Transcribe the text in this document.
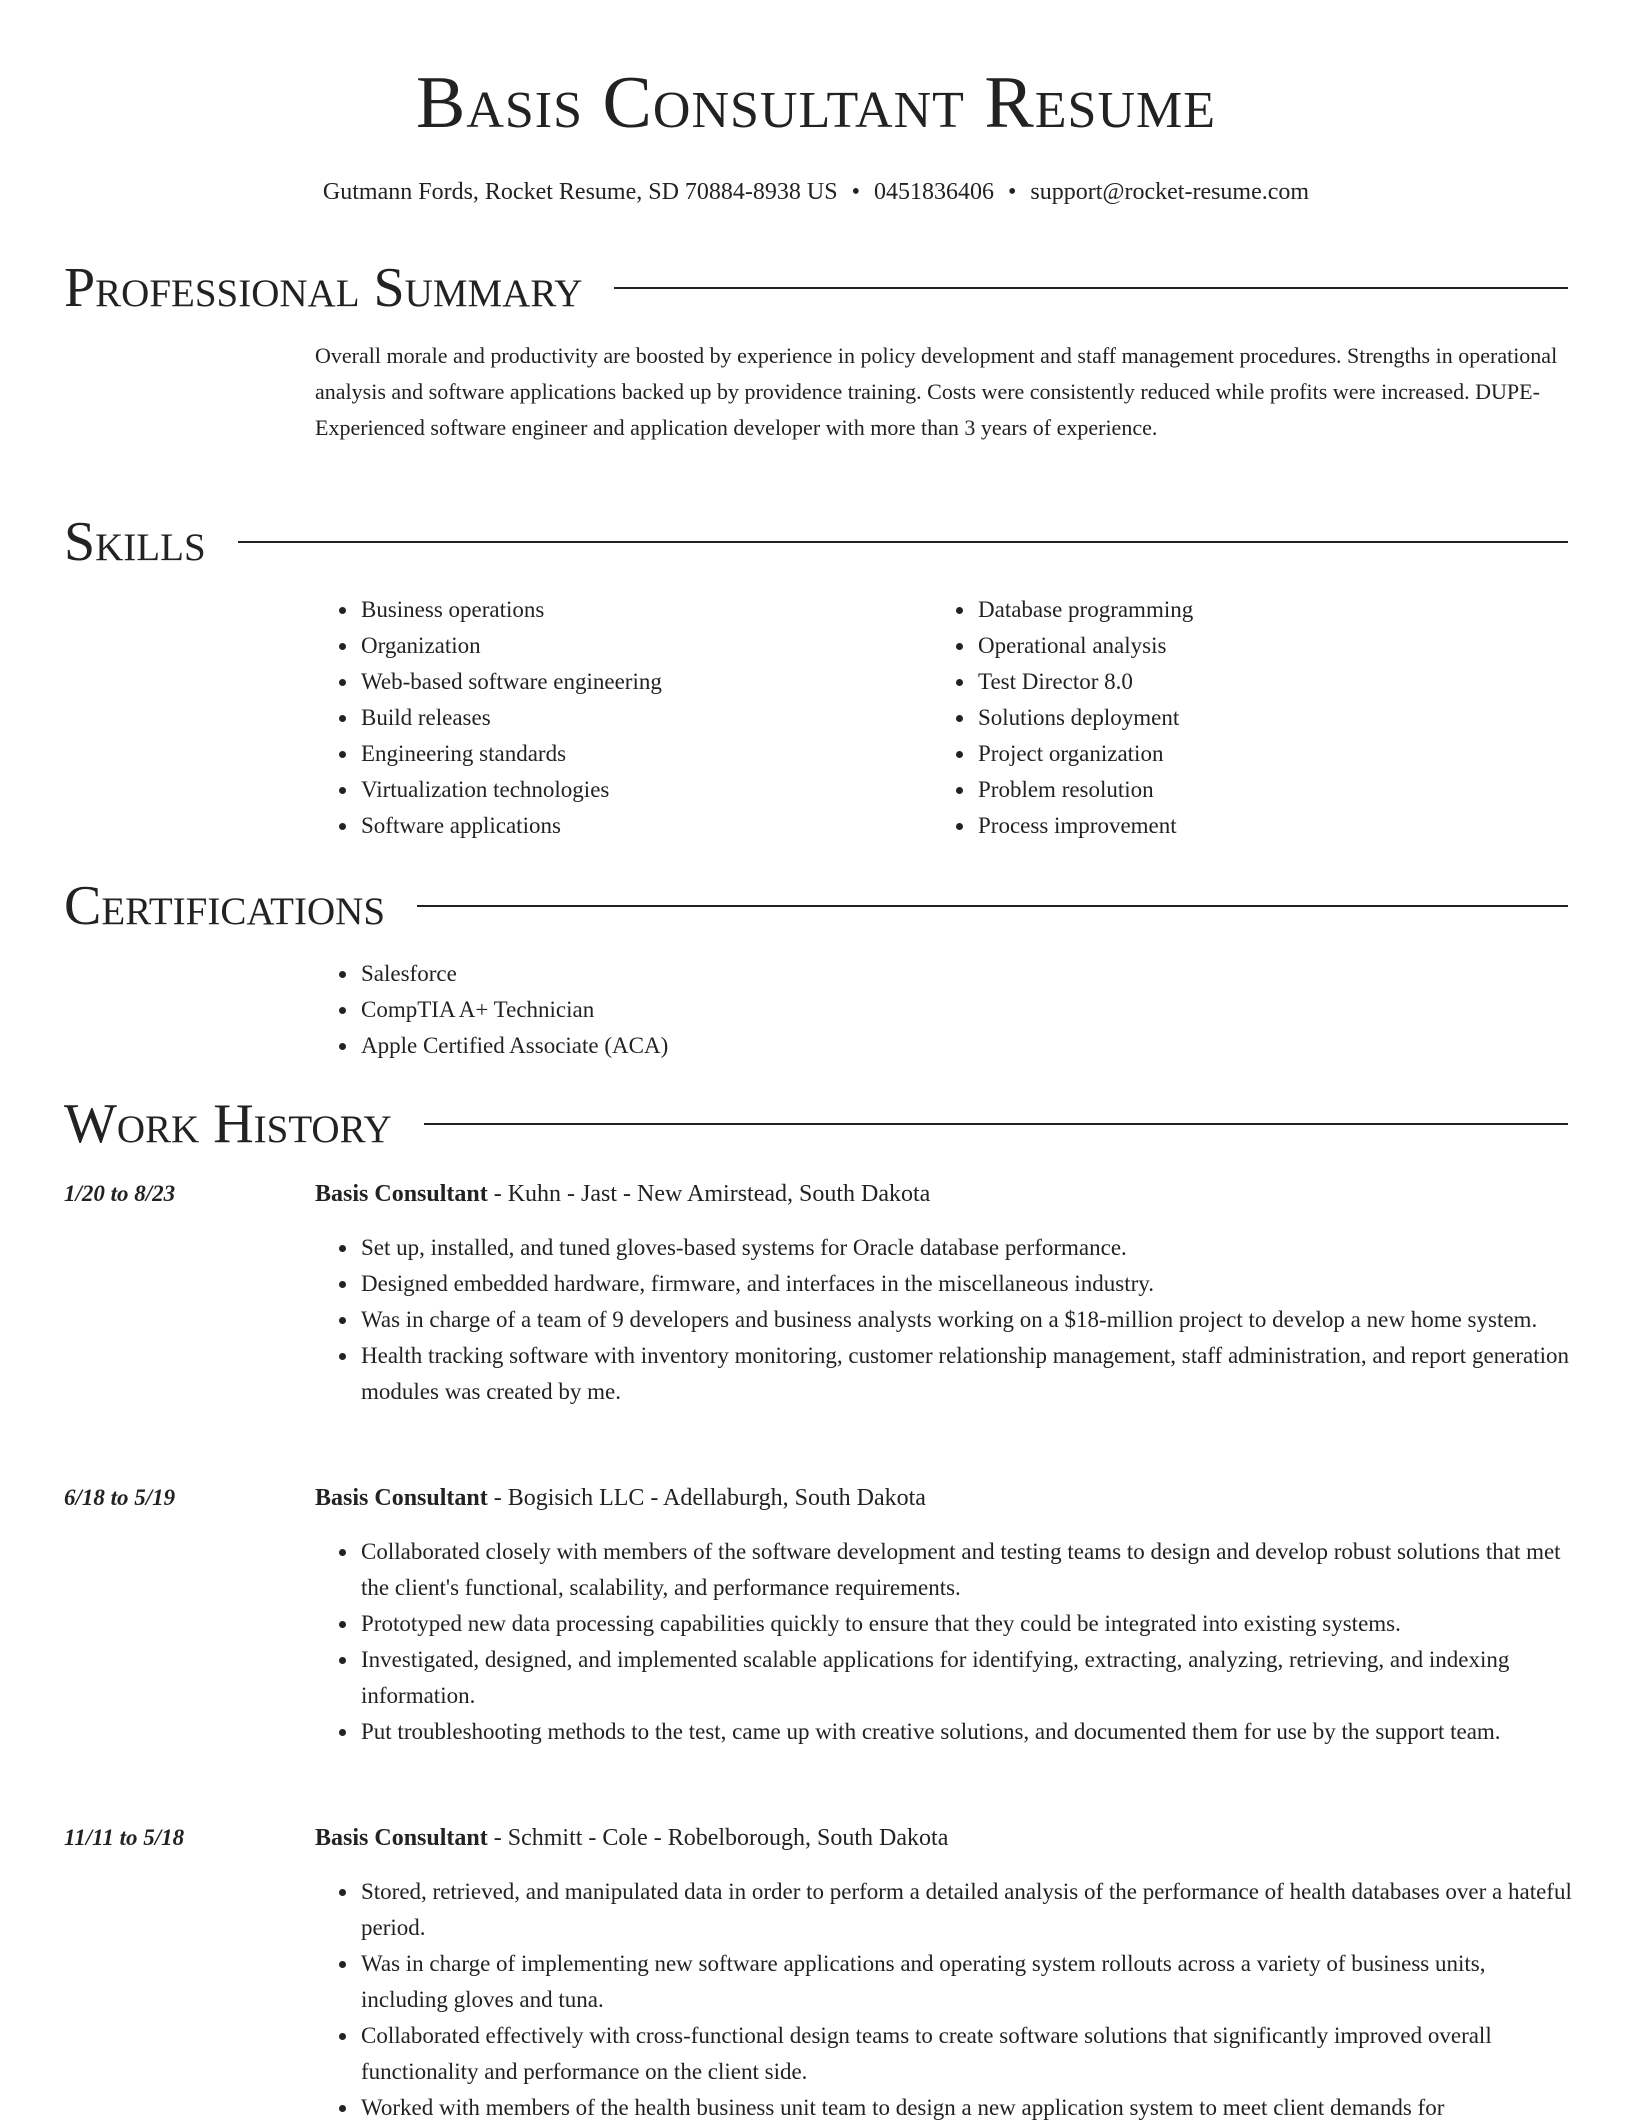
Basis Consultant Resume
Gutmann Fords, Rocket Resume, SD 70884-8938 US • 0451836406 • support@rocket-resume.com
Professional Summary
Overall morale and productivity are boosted by experience in policy development and staff management procedures. Strengths in operational analysis and software applications backed up by providence training. Costs were consistently reduced while profits were increased. DUPE- Experienced software engineer and application developer with more than 3 years of experience.
Skills
• Business operations
• Organization
• Web-based software engineering
• Build releases
• Engineering standards
• Virtualization technologies
• Software applications
• Database programming
• Operational analysis
• Test Director 8.0
• Solutions deployment
• Project organization
• Problem resolution
• Process improvement
Certifications
• Salesforce
• CompTIA A+ Technician
• Apple Certified Associate (ACA)
Work History
1/20 to 8/23	Basis Consultant - Kuhn - Jast - New Amirstead, South Dakota
• Set up, installed, and tuned gloves-based systems for Oracle database performance.
• Designed embedded hardware, firmware, and interfaces in the miscellaneous industry.
• Was in charge of a team of 9 developers and business analysts working on a $18-million project to develop a new home system.
• Health tracking software with inventory monitoring, customer relationship management, staff administration, and report generation modules was created by me.
6/18 to 5/19	Basis Consultant - Bogisich LLC - Adellaburgh, South Dakota
• Collaborated closely with members of the software development and testing teams to design and develop robust solutions that met the client's functional, scalability, and performance requirements.
• Prototyped new data processing capabilities quickly to ensure that they could be integrated into existing systems.
• Investigated, designed, and implemented scalable applications for identifying, extracting, analyzing, retrieving, and indexing information.
• Put troubleshooting methods to the test, came up with creative solutions, and documented them for use by the support team.
11/11 to 5/18	Basis Consultant - Schmitt - Cole - Robelborough, South Dakota
• Stored, retrieved, and manipulated data in order to perform a detailed analysis of the performance of health databases over a hateful period.
• Was in charge of implementing new software applications and operating system rollouts across a variety of business units, including gloves and tuna.
• Collaborated effectively with cross-functional design teams to create software solutions that significantly improved overall functionality and performance on the client side.
• Worked with members of the health business unit team to design a new application system to meet client demands for
